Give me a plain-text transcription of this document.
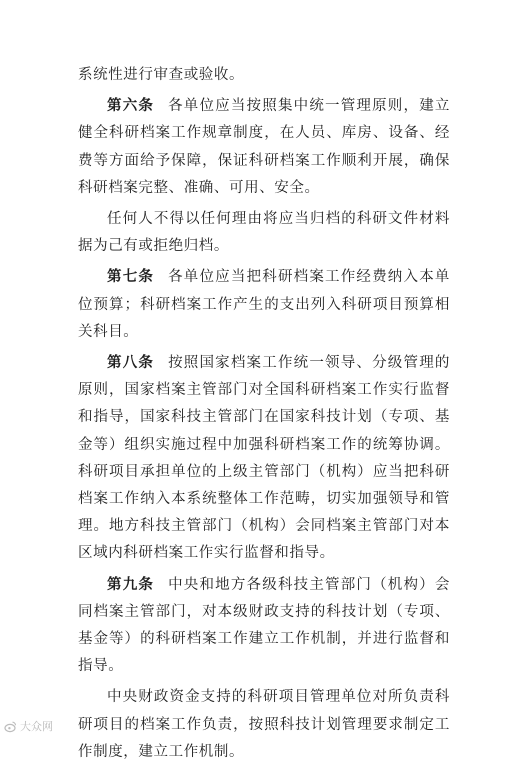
系统性进行审查或验收。

第六条 各单位应当按照集中统一管理原则，建立健全科研档案工作规章制度，在人员、库房、设备、经费等方面给予保障，保证科研档案工作顺利开展，确保科研档案完整、准确、可用、安全。

任何人不得以任何理由将应当归档的科研文件材料据为己有或拒绝归档。

第七条 各单位应当把科研档案工作经费纳入本单位预算；科研档案工作产生的支出列入科研项目预算相关科目。

第八条 按照国家档案工作统一领导、分级管理的原则，国家档案主管部门对全国科研档案工作实行监督和指导，国家科技主管部门在国家科技计划（专项、基金等）组织实施过程中加强科研档案工作的统筹协调。科研项目承担单位的上级主管部门（机构）应当把科研档案工作纳入本系统整体工作范畴，切实加强领导和管理。地方科技主管部门（机构）会同档案主管部门对本区域内科研档案工作实行监督和指导。

第九条 中央和地方各级科技主管部门（机构）会同档案主管部门，对本级财政支持的科技计划（专项、基金等）的科研档案工作建立工作机制，并进行监督和指导。

中央财政资金支持的科研项目管理单位对所负责科研项目的档案工作负责，按照科技计划管理要求制定工作制度，建立工作机制。

大众网
